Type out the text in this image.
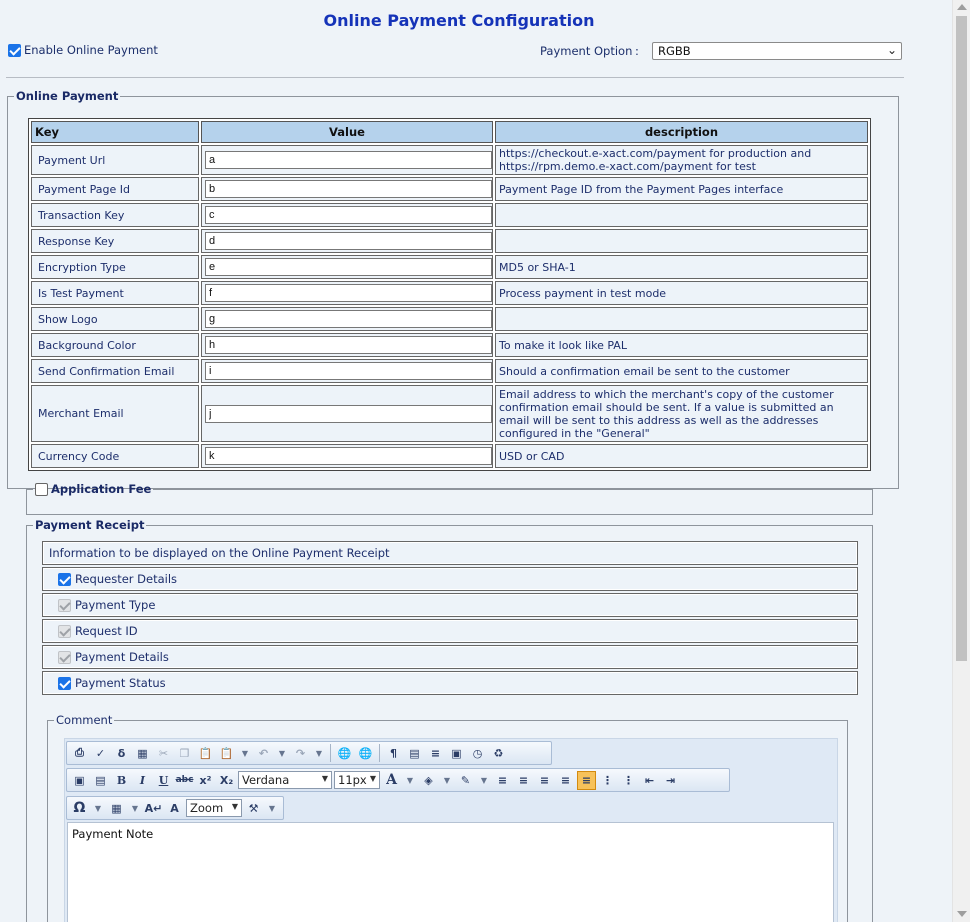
Online Payment Configuration
Enable Online Payment	Payment Option :	RGBB	⌄
Online Payment
Key	Value	description
Payment Url	
a	https://checkout.e-xact.com/payment for production and https://rpm.demo.e-xact.com/payment for test
Payment Page Id	
b	Payment Page ID from the Payment Pages interface
Transaction Key	
c	
Response Key	
d	
Encryption Type	
e	MD5 or SHA-1
Is Test Payment	
f	Process payment in test mode
Show Logo	
g	
Background Color	
h	To make it look like PAL
Send Confirmation Email	
i	Should a confirmation email be sent to the customer
Merchant Email	
j	Email address to which the merchant's copy of the customer confirmation email should be sent. If a value is submitted an email will be sent to this address as well as the addresses configured in the "General"
Currency Code	
k	USD or CAD
Application Fee
Payment Receipt
Information to be displayed on the Online Payment Receipt
Requester Details
Payment Type
Request ID
Payment Details
Payment Status
Comment
⎙	✓	ẟ	▦	✂	❐ 📋 📋	▼ ↶	▼ ↷	▼	🌐 🌐	¶	▤	≡	▣ ◷	♻
▣ ▤	B	I	U abc x² X₂ Verdana	▼ 11px ▼ A	▼	◈	▼ ✎	▼ ≡	≡	≡	≡	≡ ⋮ ⋮ ⇤	⇥
Ω	▼ ▦	▼ A↵ A Zoom ▼ ⚒	▼
Payment Note
